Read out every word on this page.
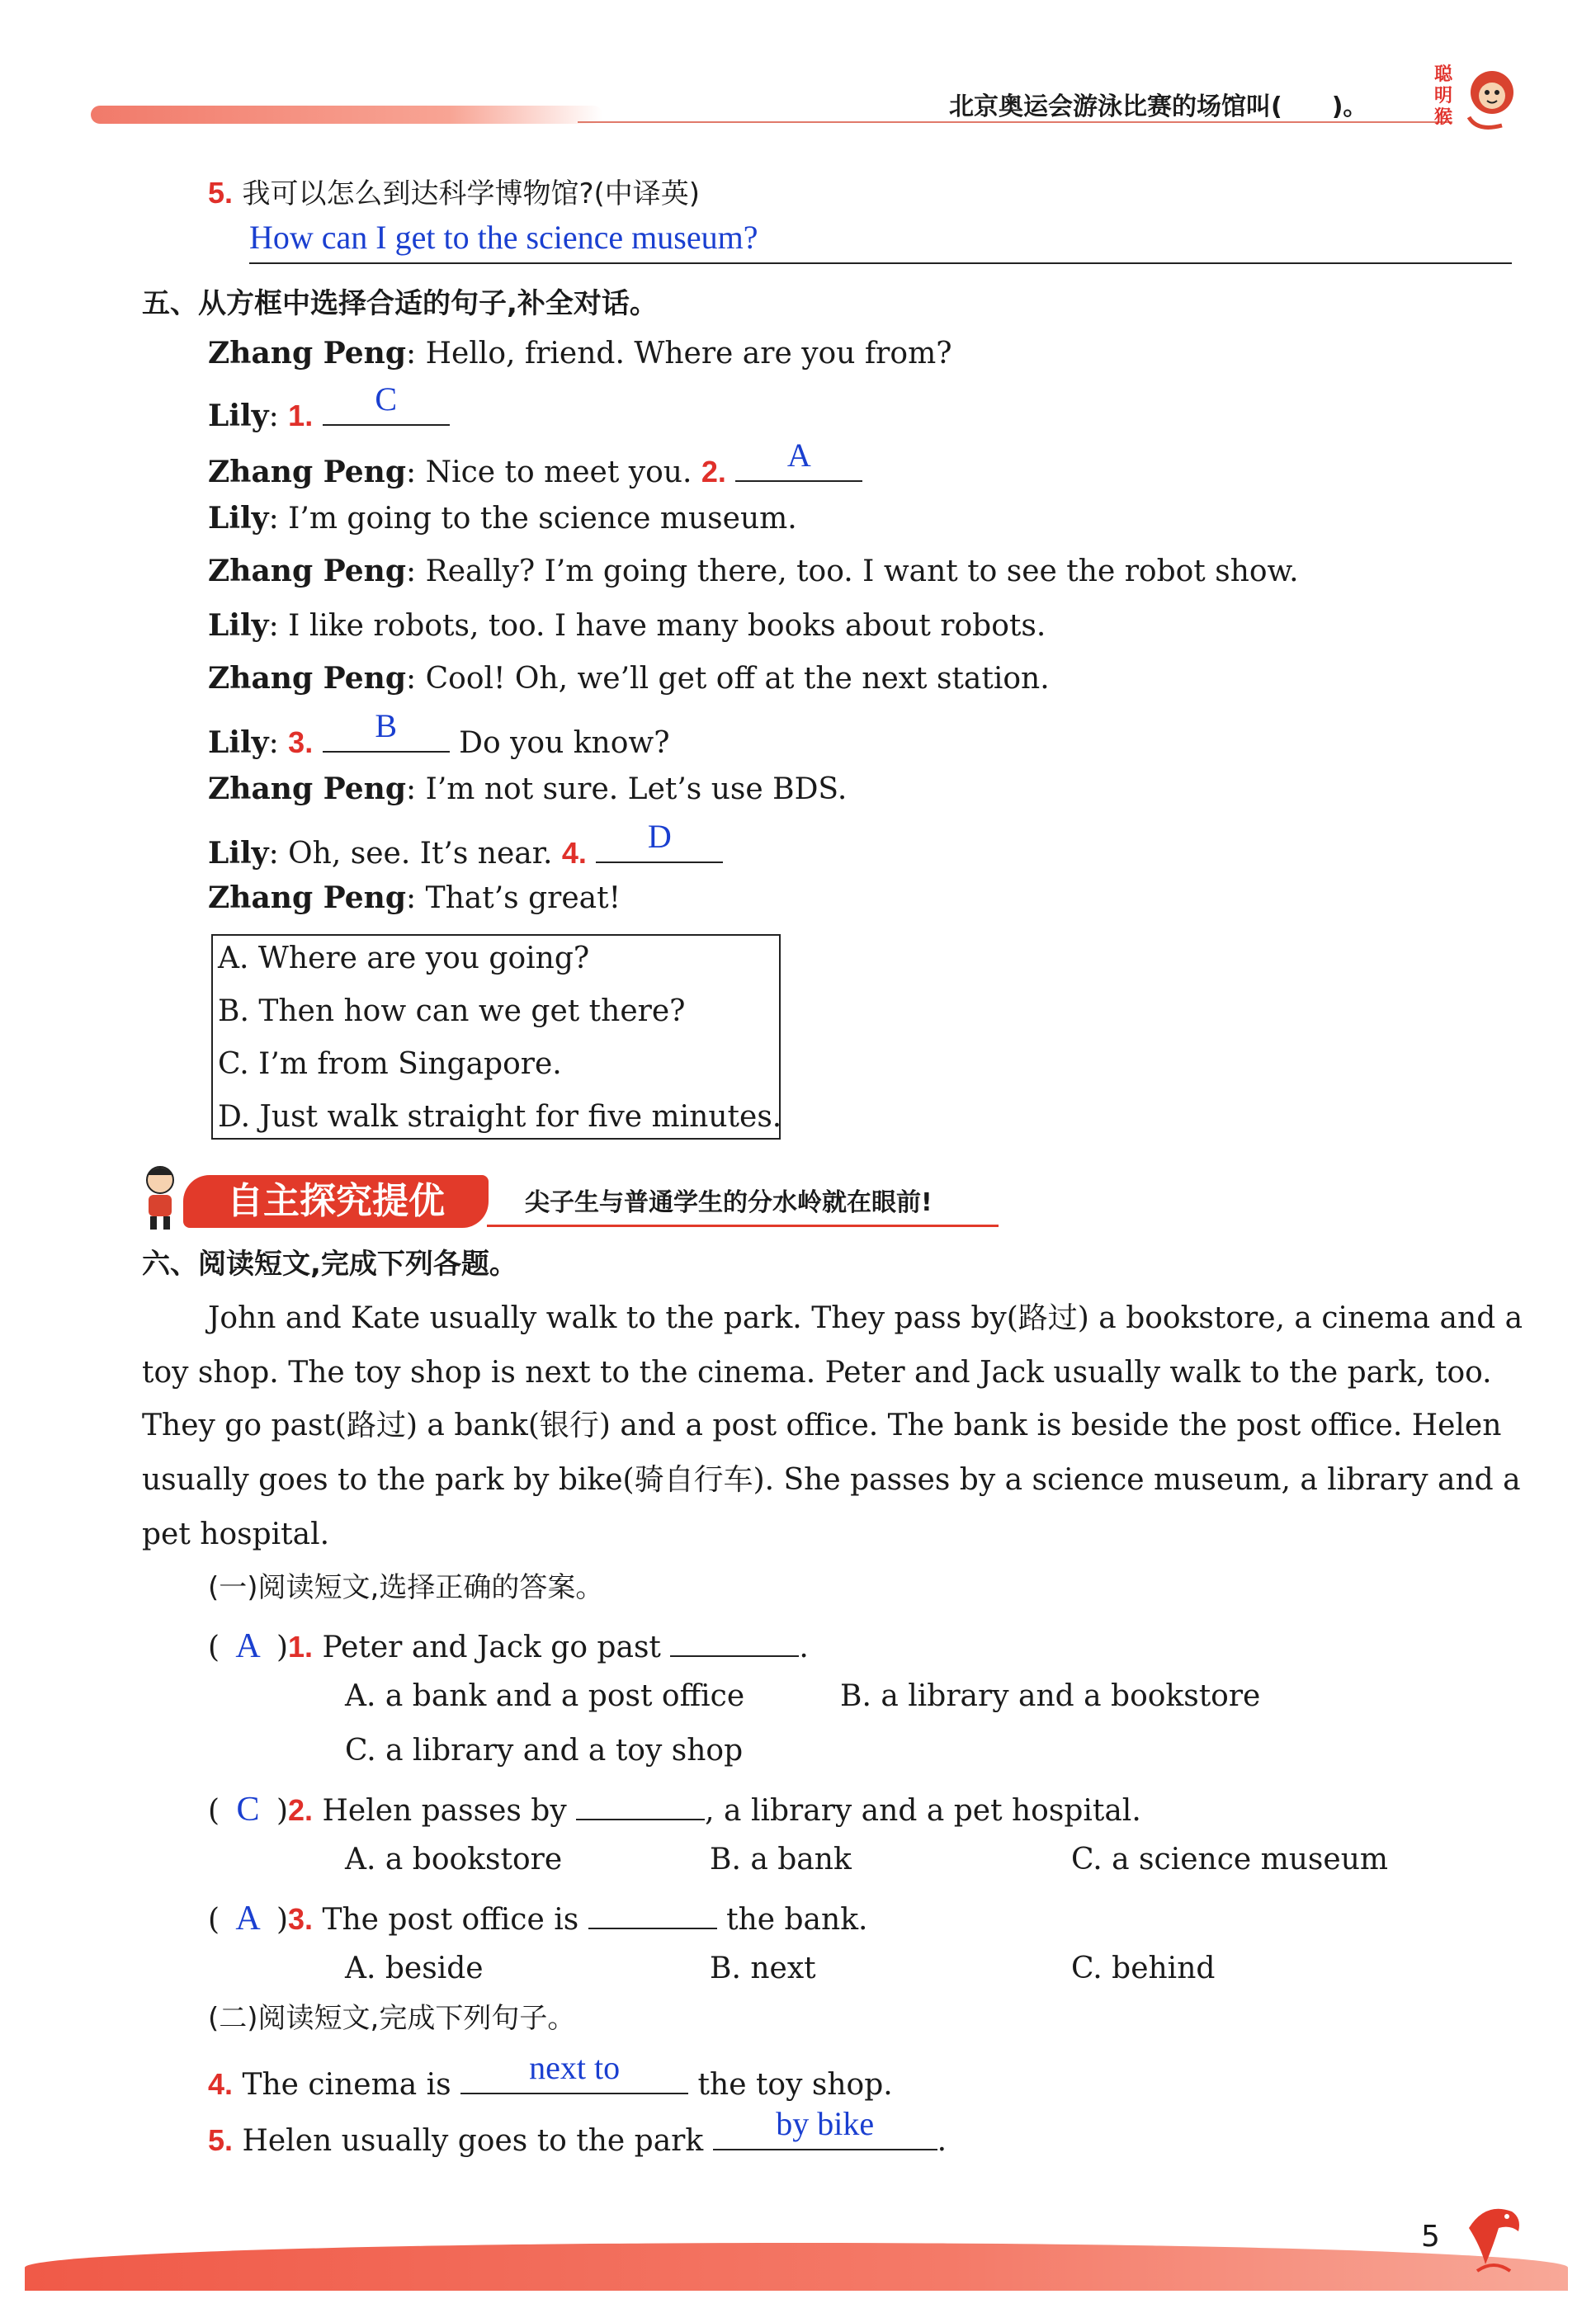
北京奥运会游泳比赛的场馆叫(　　)。
聪明猴
5. 我可以怎么到达科学博物馆?(中译英)
How can I get to the science museum?
五、从方框中选择合适的句子,补全对话。
Zhang Peng: Hello, friend. Where are you from?
Lily: 1.	C
Zhang Peng: Nice to meet you. 2.	A
Lily: I’m going to the science museum.
Zhang Peng: Really? I’m going there, too. I want to see the robot show.
Lily: I like robots, too. I have many books about robots.
Zhang Peng: Cool! Oh, we’ll get off at the next station.
Lily: 3.	B	Do you know?
Zhang Peng: I’m not sure. Let’s use BDS.
Lily: Oh, see. It’s near. 4.	D
Zhang Peng: That’s great!
A. Where are you going?
B. Then how can we get there?
C. I’m from Singapore.
D. Just walk straight for five minutes.
自主探究提优	尖子生与普通学生的分水岭就在眼前!
六、阅读短文,完成下列各题。
John and Kate usually walk to the park. They pass by(路过) a bookstore, a cinema and a
toy shop. The toy shop is next to the cinema. Peter and Jack usually walk to the park, too.
They go past(路过) a bank(银行) and a post office. The bank is beside the post office. Helen
usually goes to the park by bike(骑自行车). She passes by a science museum, a library and a
pet hospital.
(一)阅读短文,选择正确的答案。
( A )1. Peter and Jack go past	.
A. a bank and a post office	B. a library and a bookstore
C. a library and a toy shop
( C )2. Helen passes by	, a library and a pet hospital.
A. a bookstore	B. a bank	C. a science museum
( A )3. The post office is	the bank.
A. beside	B. next	C. behind
(二)阅读短文,完成下列句子。
4. The cinema is	next to	the toy shop.
5. Helen usually goes to the park	by bike	.
5
